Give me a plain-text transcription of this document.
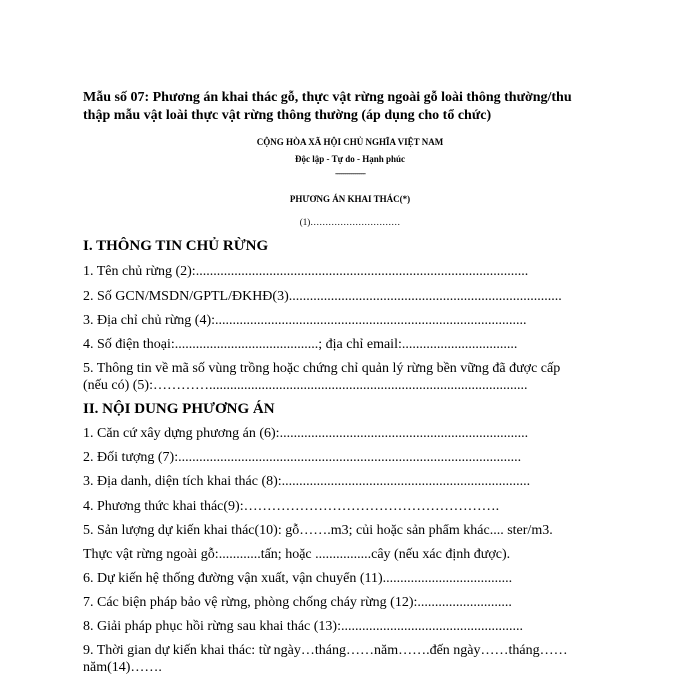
Mẫu số 07: Phương án khai thác gỗ, thực vật rừng ngoài gỗ loài thông thường/thu
thập mẫu vật loài thực vật rừng thông thường (áp dụng cho tổ chức)
CỘNG HÒA XÃ HỘI CHỦ NGHĨA VIỆT NAM
Độc lập - Tự do - Hạnh phúc
---------------
PHƯƠNG ÁN KHAI THÁC(*)
(1)…………………………
I. THÔNG TIN CHỦ RỪNG
1. Tên chủ rừng (2):...............................................................................................
2. Số GCN/MSDN/GPTL/ĐKHĐ(3)..............................................................................
3. Địa chỉ chủ rừng (4):.........................................................................................
4. Số điện thoại:.........................................; địa chỉ email:.................................
5. Thông tin về mã số vùng trồng hoặc chứng chỉ quản lý rừng bền vững đã được cấp
(nếu có) (5):…………...........................................................................................
II. NỘI DUNG PHƯƠNG ÁN
1. Căn cứ xây dựng phương án (6):.......................................................................
2. Đối tượng (7):..................................................................................................
3. Địa danh, diện tích khai thác (8):.......................................................................
4. Phương thức khai thác(9):……………………………………………….
5. Sản lượng dự kiến khai thác(10): gỗ…….m3; củi hoặc sản phẩm khác.... ster/m3.
Thực vật rừng ngoài gỗ:............tấn; hoặc ................cây (nếu xác định được).
6. Dự kiến hệ thống đường vận xuất, vận chuyển (11).....................................
7. Các biện pháp bảo vệ rừng, phòng chống cháy rừng (12):...........................
8. Giải pháp phục hồi rừng sau khai thác (13):....................................................
9. Thời gian dự kiến khai thác: từ ngày…tháng……năm…….đến ngày……tháng……
năm(14)…….
